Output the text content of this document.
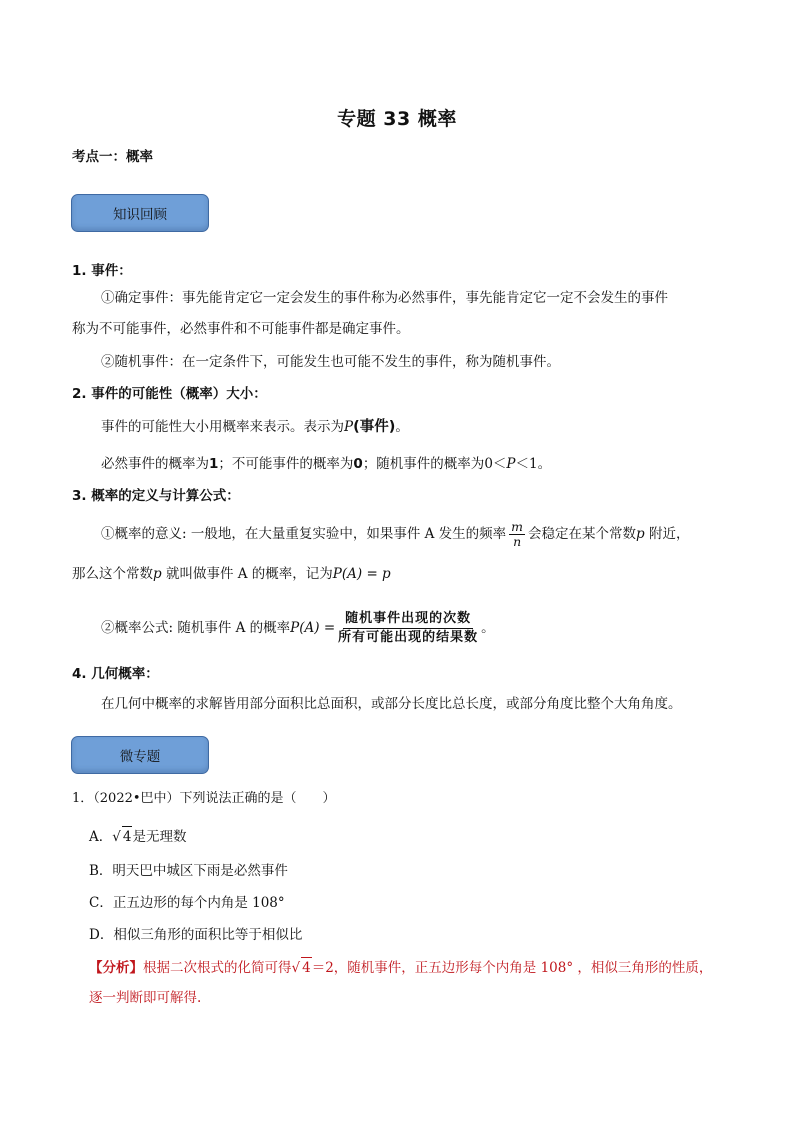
专题 33 概率
考点一：概率
知识回顾
1. 事件：
①确定事件：事先能肯定它一定会发生的事件称为必然事件，事先能肯定它一定不会发生的事件
称为不可能事件，必然事件和不可能事件都是确定事件。
②随机事件：在一定条件下，可能发生也可能不发生的事件，称为随机事件。
2. 事件的可能性（概率）大小：
事件的可能性大小用概率来表示。表示为P(事件)。
必然事件的概率为1；不可能事件的概率为0；随机事件的概率为0＜P＜1。
3. 概率的定义与计算公式：
①概率的意义: 一般地，在大量重复实验中，如果事件 A 发生的频率 $\frac{m}{n}$ 会稳定在某个常数p 附近，
那么这个常数p 就叫做事件 A 的概率，记为P(A) = p
②概率公式: 随机事件 A 的概率$P(A) = \frac{\text{随机事件出现的次数}}{\text{所有可能出现的结果数}}$ 。
4. 几何概率：
在几何中概率的求解皆用部分面积比总面积，或部分长度比总长度，或部分角度比整个大角角度。
微专题
1．（2022•巴中）下列说法正确的是（　　）
A．√ 4是无理数
B．明天巴中城区下雨是必然事件
C．正五边形的每个内角是 108°
D．相似三角形的面积比等于相似比
【分析】根据二次根式的化简可得√ 4＝2，随机事件，正五边形每个内角是 108° ，相似三角形的性质，
逐一判断即可解得.
